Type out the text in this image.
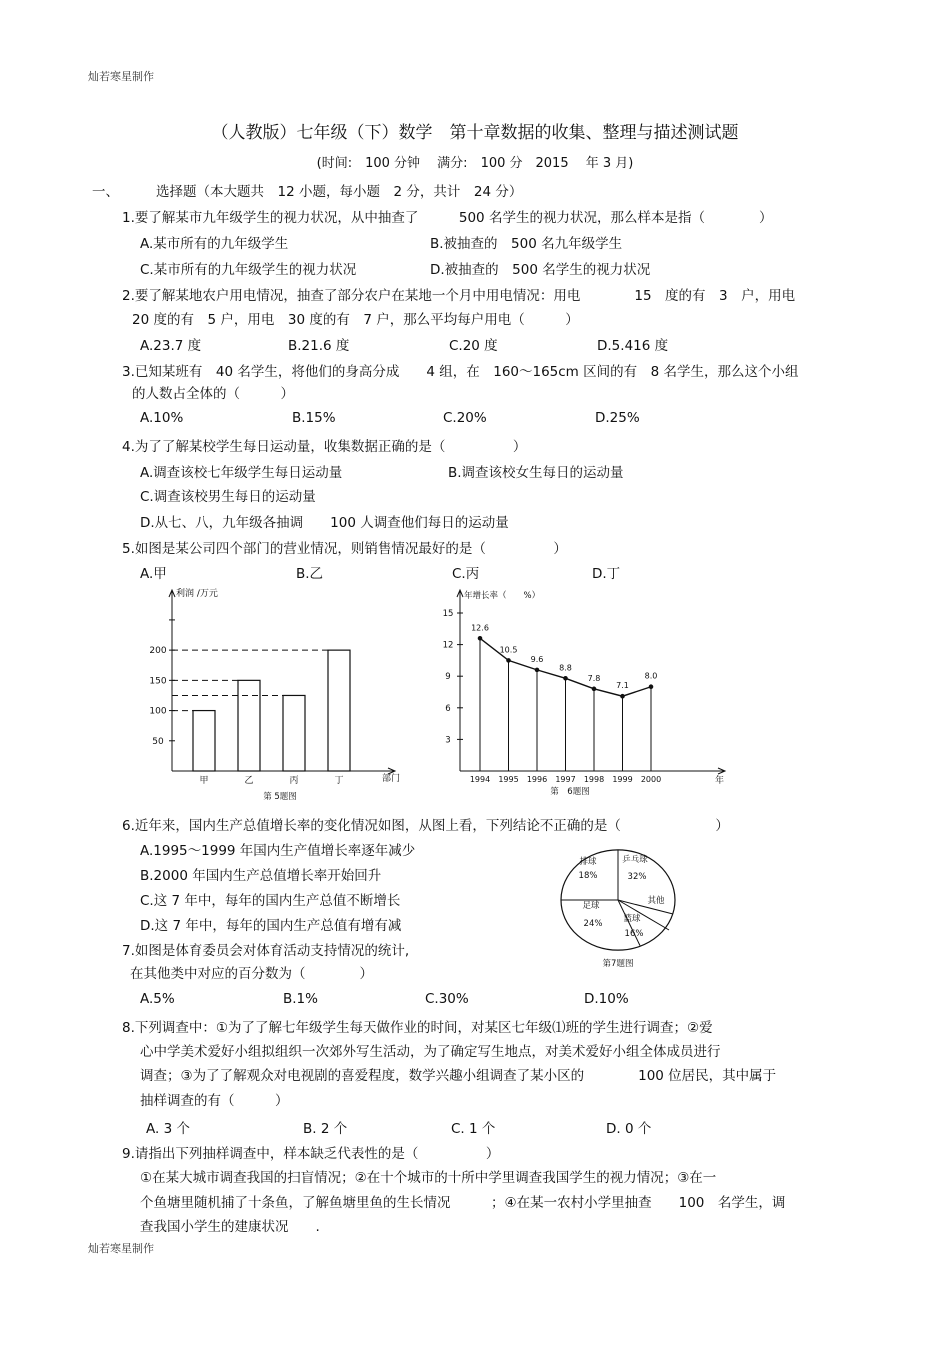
灿若寒星制作
（人教版）七年级（下）数学　第十章数据的收集、整理与描述测试题
(时间:　100 分钟　 满分:　100 分　2015　 年 3 月)
一、	选择题（本大题共　12 小题，每小题　2 分，共计　24 分）
1.要了解某市九年级学生的视力状况，从中抽查了　　　500 名学生的视力状况，那么样本是指（　　　　）
A.某市所有的九年级学生	B.被抽查的　500 名九年级学生
C.某市所有的九年级学生的视力状况	D.被抽查的　500 名学生的视力状况
2.要了解某地农户用电情况，抽查了部分农户在某地一个月中用电情况：用电　　　　15　度的有　3　户，用电
20 度的有　5 户，用电　30 度的有　7 户，那么平均每户用电（　　　）
A.23.7 度	B.21.6 度	C.20 度	D.5.416 度
3.已知某班有　40 名学生，将他们的身高分成　　4 组，在　160～165cm 区间的有　8 名学生，那么这个小组
的人数占全体的（　　　）
A.10%	B.15%	C.20%	D.25%
4.为了了解某校学生每日运动量，收集数据正确的是（　　　　　）
A.调查该校七年级学生每日运动量	B.调查该校女生每日的运动量
C.调查该校男生每日的运动量
D.从七、八，九年级各抽调　　100 人调查他们每日的运动量
5.如图是某公司四个部门的营业情况，则销售情况最好的是（　　　　　）
A.甲	B.乙	C.丙	D.丁
利润 /万元
部门
50
100
150
200
甲	乙	丙	丁
第 5题图
年增长率（　　%）
年
3
6
9
12
15
12.6
1994
10.5
1995
9.6
1996
8.8
1997
7.8
1998
7.1
1999
8.0
2000
第　6题图
6.近年来，国内生产总值增长率的变化情况如图，从图上看，下列结论不正确的是（　　　　　　　）
A.1995～1999 年国内生产值增长率逐年减少
B.2000 年国内生产总值增长率开始回升
C.这 7 年中，每年的国内生产总值不断增长
D.这 7 年中，每年的国内生产总值有增有减
排球
18%
乒乓球
32%
其他
篮球
16%
足球
24%
第7题图
7.如图是体育委员会对体育活动支持情况的统计,
在其他类中对应的百分数为（　　　　）
A.5%	B.1%	C.30%	D.10%
8.下列调查中：①为了了解七年级学生每天做作业的时间，对某区七年级⑴班的学生进行调查；②爱
心中学美术爱好小组拟组织一次郊外写生活动，为了确定写生地点，对美术爱好小组全体成员进行
调查；③为了了解观众对电视剧的喜爱程度，数学兴趣小组调查了某小区的　　　　100 位居民，其中属于
抽样调查的有（　　　）
A. 3 个	B. 2 个	C. 1 个	D. 0 个
9.请指出下列抽样调查中，样本缺乏代表性的是（　　　　　）
①在某大城市调查我国的扫盲情况；②在十个城市的十所中学里调查我国学生的视力情况；③在一
个鱼塘里随机捕了十条鱼，了解鱼塘里鱼的生长情况　　　；④在某一农村小学里抽查　　100　名学生，调
查我国小学生的建康状况　　.
灿若寒星制作
